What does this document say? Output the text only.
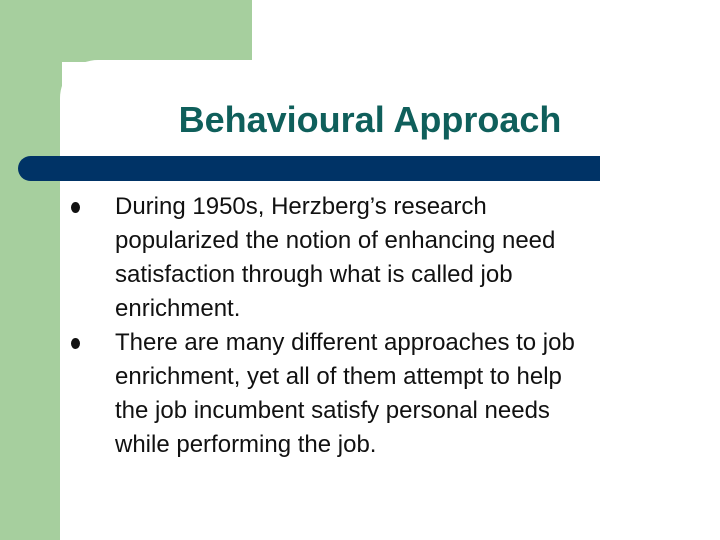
Behavioural Approach
During 1950s, Herzberg’s research
popularized the notion of enhancing need
satisfaction through what is called job
enrichment.
There are many different approaches to job
enrichment, yet all of them attempt to help
the job incumbent satisfy personal needs
while performing the job.
